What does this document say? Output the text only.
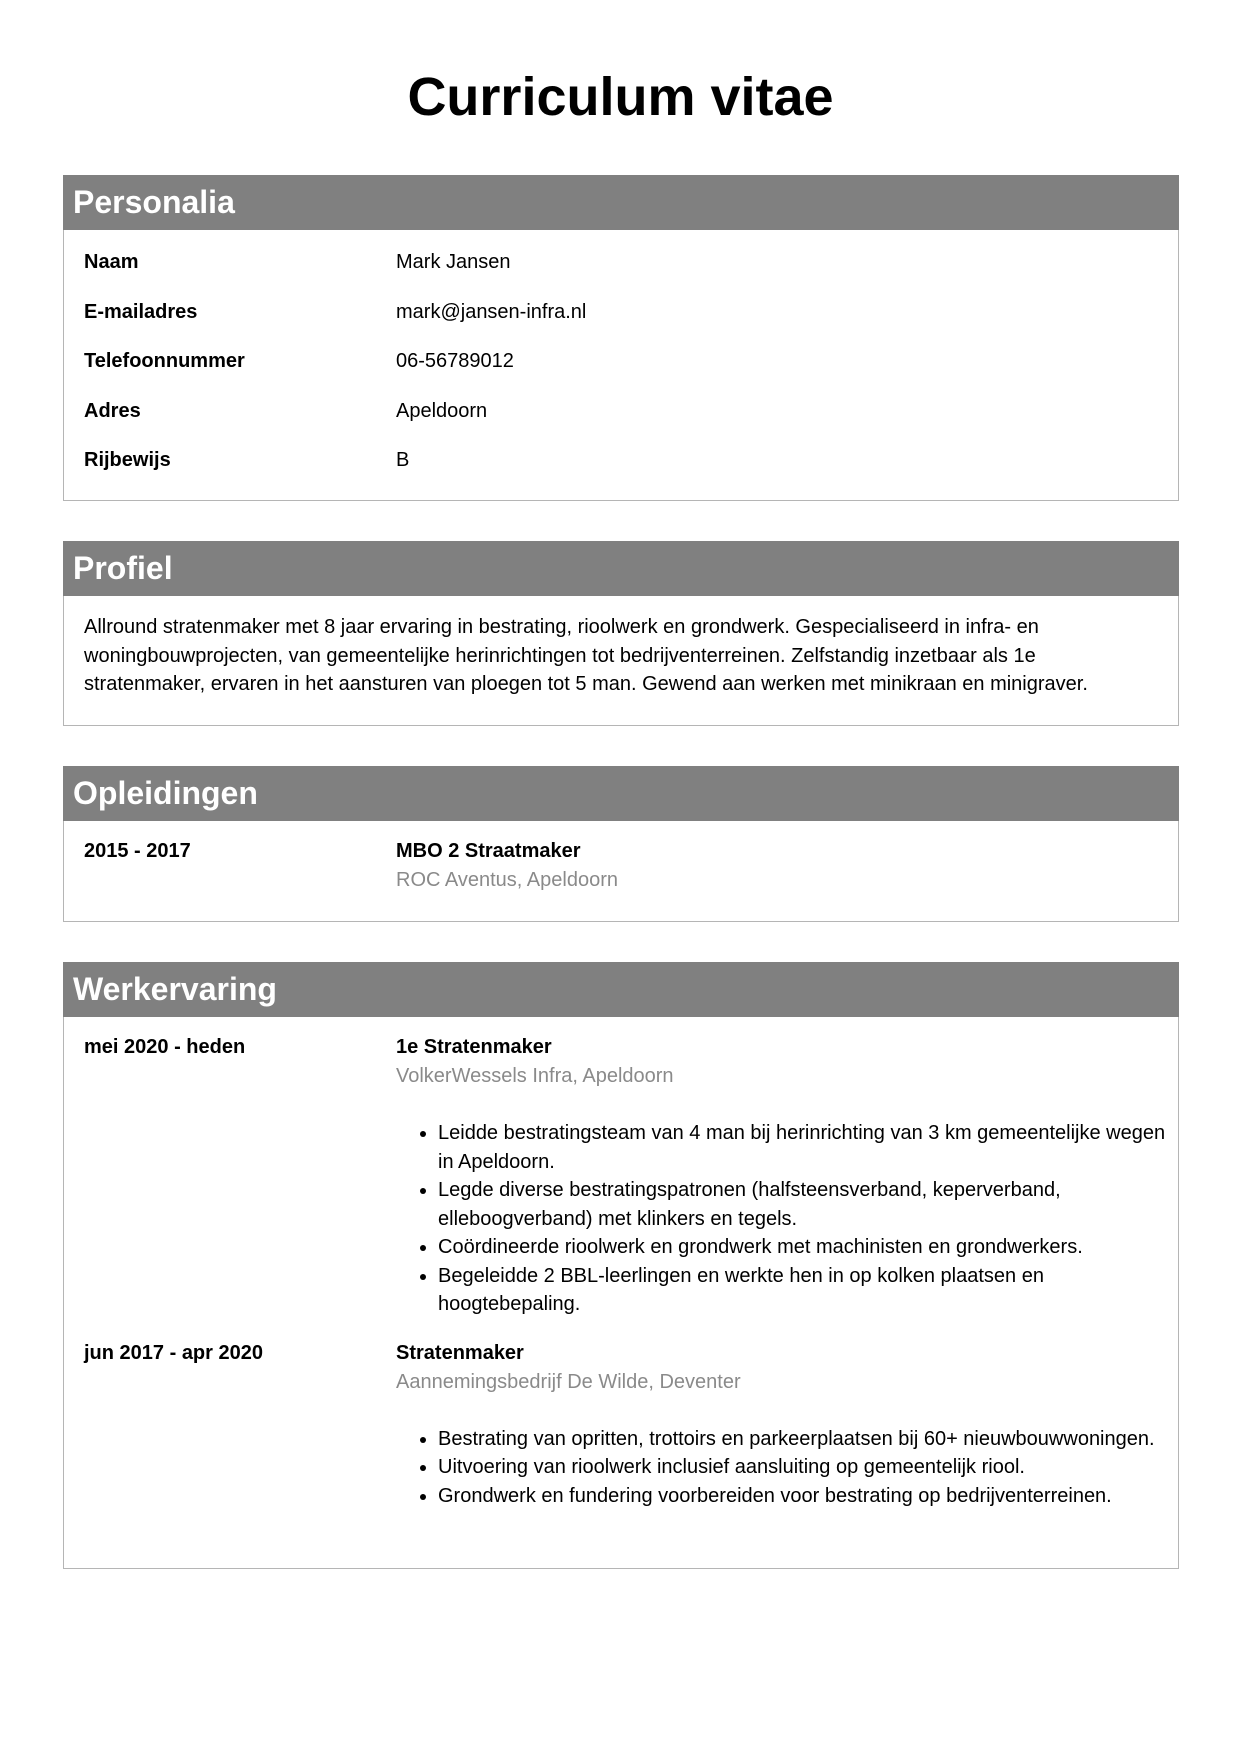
Curriculum vitae
Personalia
Naam	Mark Jansen
E-mailadres	mark@jansen-infra.nl
Telefoonnummer	06-56789012
Adres	Apeldoorn
Rijbewijs	B
Profiel
Allround stratenmaker met 8 jaar ervaring in bestrating, rioolwerk en grondwerk. Gespecialiseerd in infra- en woningbouwprojecten, van gemeentelijke herinrichtingen tot bedrijventerreinen. Zelfstandig inzetbaar als 1e stratenmaker, ervaren in het aansturen van ploegen tot 5 man. Gewend aan werken met minikraan en minigraver.
Opleidingen
2015 - 2017	MBO 2 Straatmaker
ROC Aventus, Apeldoorn
Werkervaring
mei 2020 - heden	1e Stratenmaker
VolkerWessels Infra, Apeldoorn
• Leidde bestratingsteam van 4 man bij herinrichting van 3 km gemeentelijke wegen in Apeldoorn.
• Legde diverse bestratingspatronen (halfsteensverband, keperverband, elleboogverband) met klinkers en tegels.
• Coördineerde rioolwerk en grondwerk met machinisten en grondwerkers.
• Begeleidde 2 BBL-leerlingen en werkte hen in op kolken plaatsen en hoogtebepaling.
jun 2017 - apr 2020	Stratenmaker
Aannemingsbedrijf De Wilde, Deventer
• Bestrating van opritten, trottoirs en parkeerplaatsen bij 60+ nieuwbouwwoningen.
• Uitvoering van rioolwerk inclusief aansluiting op gemeentelijk riool.
• Grondwerk en fundering voorbereiden voor bestrating op bedrijventerreinen.
